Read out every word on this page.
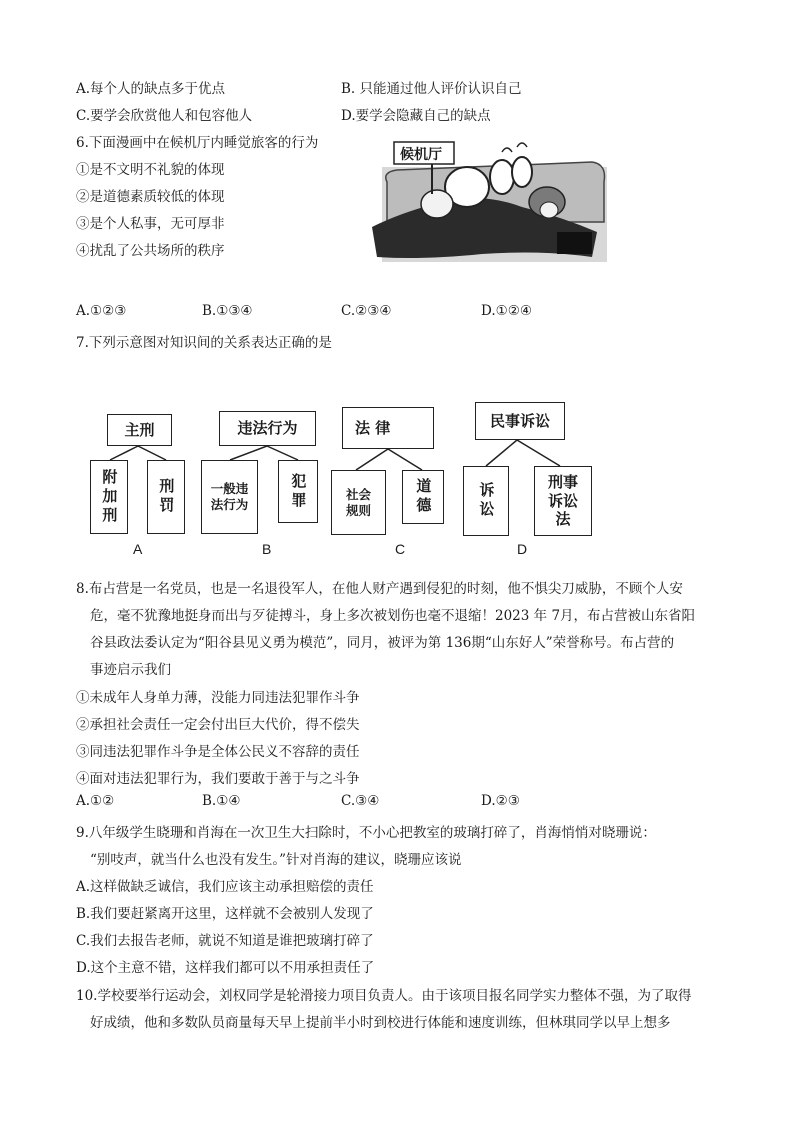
A.每个人的缺点多于优点	B. 只能通过他人评价认识自己
C.要学会欣赏他人和包容他人	D.要学会隐藏自己的缺点
6.下面漫画中在候机厅内睡觉旅客的行为
①是不文明不礼貌的体现
②是道德素质较低的体现
③是个人私事，无可厚非
④扰乱了公共场所的秩序
候机厅
A.①②③	B.①③④	C.②③④	D.①②④
7.下列示意图对知识间的关系表达正确的是
主刑
附加刑	刑罚
A
违法行为
一般违法行为	犯罪
B
法 律
社会规则	道德
C
民事诉讼
诉讼
刑事诉讼法
D
8.布占营是一名党员，也是一名退役军人，在他人财产遇到侵犯的时刻，他不惧尖刀威胁，不顾个人安
危，毫不犹豫地挺身而出与歹徒搏斗，身上多次被划伤也毫不退缩！2023 年 7月，布占营被山东省阳
谷县政法委认定为“阳谷县见义勇为模范”，同月，被评为第 136期“山东好人”荣誉称号。布占营的
事迹启示我们
①未成年人身单力薄，没能力同违法犯罪作斗争
②承担社会责任一定会付出巨大代价，得不偿失
③同违法犯罪作斗争是全体公民义不容辞的责任
④面对违法犯罪行为，我们要敢于善于与之斗争
A.①②	B.①④	C.③④	D.②③
9.八年级学生晓珊和肖海在一次卫生大扫除时，不小心把教室的玻璃打碎了，肖海悄悄对晓珊说：
“别吱声，就当什么也没有发生。”针对肖海的建议，晓珊应该说
A.这样做缺乏诚信，我们应该主动承担赔偿的责任
B.我们要赶紧离开这里，这样就不会被别人发现了
C.我们去报告老师，就说不知道是谁把玻璃打碎了
D.这个主意不错，这样我们都可以不用承担责任了
10.学校要举行运动会，刘权同学是轮滑接力项目负责人。由于该项目报名同学实力整体不强，为了取得
好成绩，他和多数队员商量每天早上提前半小时到校进行体能和速度训练，但林琪同学以早上想多
